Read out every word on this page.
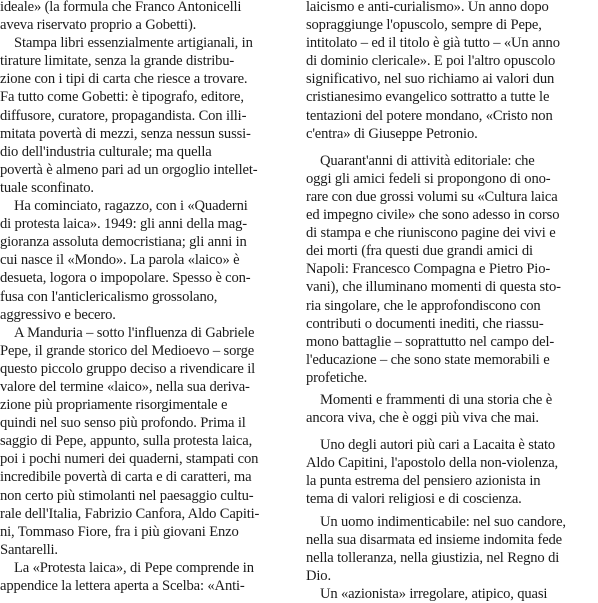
ideale» (la formula che Franco Antonicelli
aveva riservato proprio a Gobetti).
Stampa libri essenzialmente artigianali, in
tirature limitate, senza la grande distribu-
zione con i tipi di carta che riesce a trovare.
Fa tutto come Gobetti: è tipografo, editore,
diffusore, curatore, propagandista. Con illi-
mitata povertà di mezzi, senza nessun sussi-
dio dell'industria culturale; ma quella
povertà è almeno pari ad un orgoglio intellet-
tuale sconfinato.
Ha cominciato, ragazzo, con i «Quaderni
di protesta laica». 1949: gli anni della mag-
gioranza assoluta democristiana; gli anni in
cui nasce il «Mondo». La parola «laico» è
desueta, logora o impopolare. Spesso è con-
fusa con l'anticlericalismo grossolano,
aggressivo e becero.
A Manduria – sotto l'influenza di Gabriele
Pepe, il grande storico del Medioevo – sorge
questo piccolo gruppo deciso a rivendicare il
valore del termine «laico», nella sua deriva-
zione più propriamente risorgimentale e
quindi nel suo senso più profondo. Prima il
saggio di Pepe, appunto, sulla protesta laica,
poi i pochi numeri dei quaderni, stampati con
incredibile povertà di carta e di caratteri, ma
non certo più stimolanti nel paesaggio cultu-
rale dell'Italia, Fabrizio Canfora, Aldo Capiti-
ni, Tommaso Fiore, fra i più giovani Enzo
Santarelli.
La «Protesta laica», di Pepe comprende in
appendice la lettera aperta a Scelba: «Anti-
laicismo e anti-curialismo». Un anno dopo
sopraggiunge l'opuscolo, sempre di Pepe,
intitolato – ed il titolo è già tutto – «Un anno
di dominio clericale». E poi l'altro opuscolo
significativo, nel suo richiamo ai valori dun
cristianesimo evangelico sottratto a tutte le
tentazioni del potere mondano, «Cristo non
c'entra» di Giuseppe Petronio.
Quarant'anni di attività editoriale: che
oggi gli amici fedeli si propongono di ono-
rare con due grossi volumi su «Cultura laica
ed impegno civile» che sono adesso in corso
di stampa e che riuniscono pagine dei vivi e
dei morti (fra questi due grandi amici di
Napoli: Francesco Compagna e Pietro Pio-
vani), che illuminano momenti di questa sto-
ria singolare, che le approfondiscono con
contributi o documenti inediti, che riassu-
mono battaglie – soprattutto nel campo del-
l'educazione – che sono state memorabili e
profetiche.
Momenti e frammenti di una storia che è
ancora viva, che è oggi più viva che mai.
Uno degli autori più cari a Lacaita è stato
Aldo Capitini, l'apostolo della non-violenza,
la punta estrema del pensiero azionista in
tema di valori religiosi e di coscienza.
Un uomo indimenticabile: nel suo candore,
nella sua disarmata ed insieme indomita fede
nella tolleranza, nella giustizia, nel Regno di
Dio.
Un «azionista» irregolare, atipico, quasi
